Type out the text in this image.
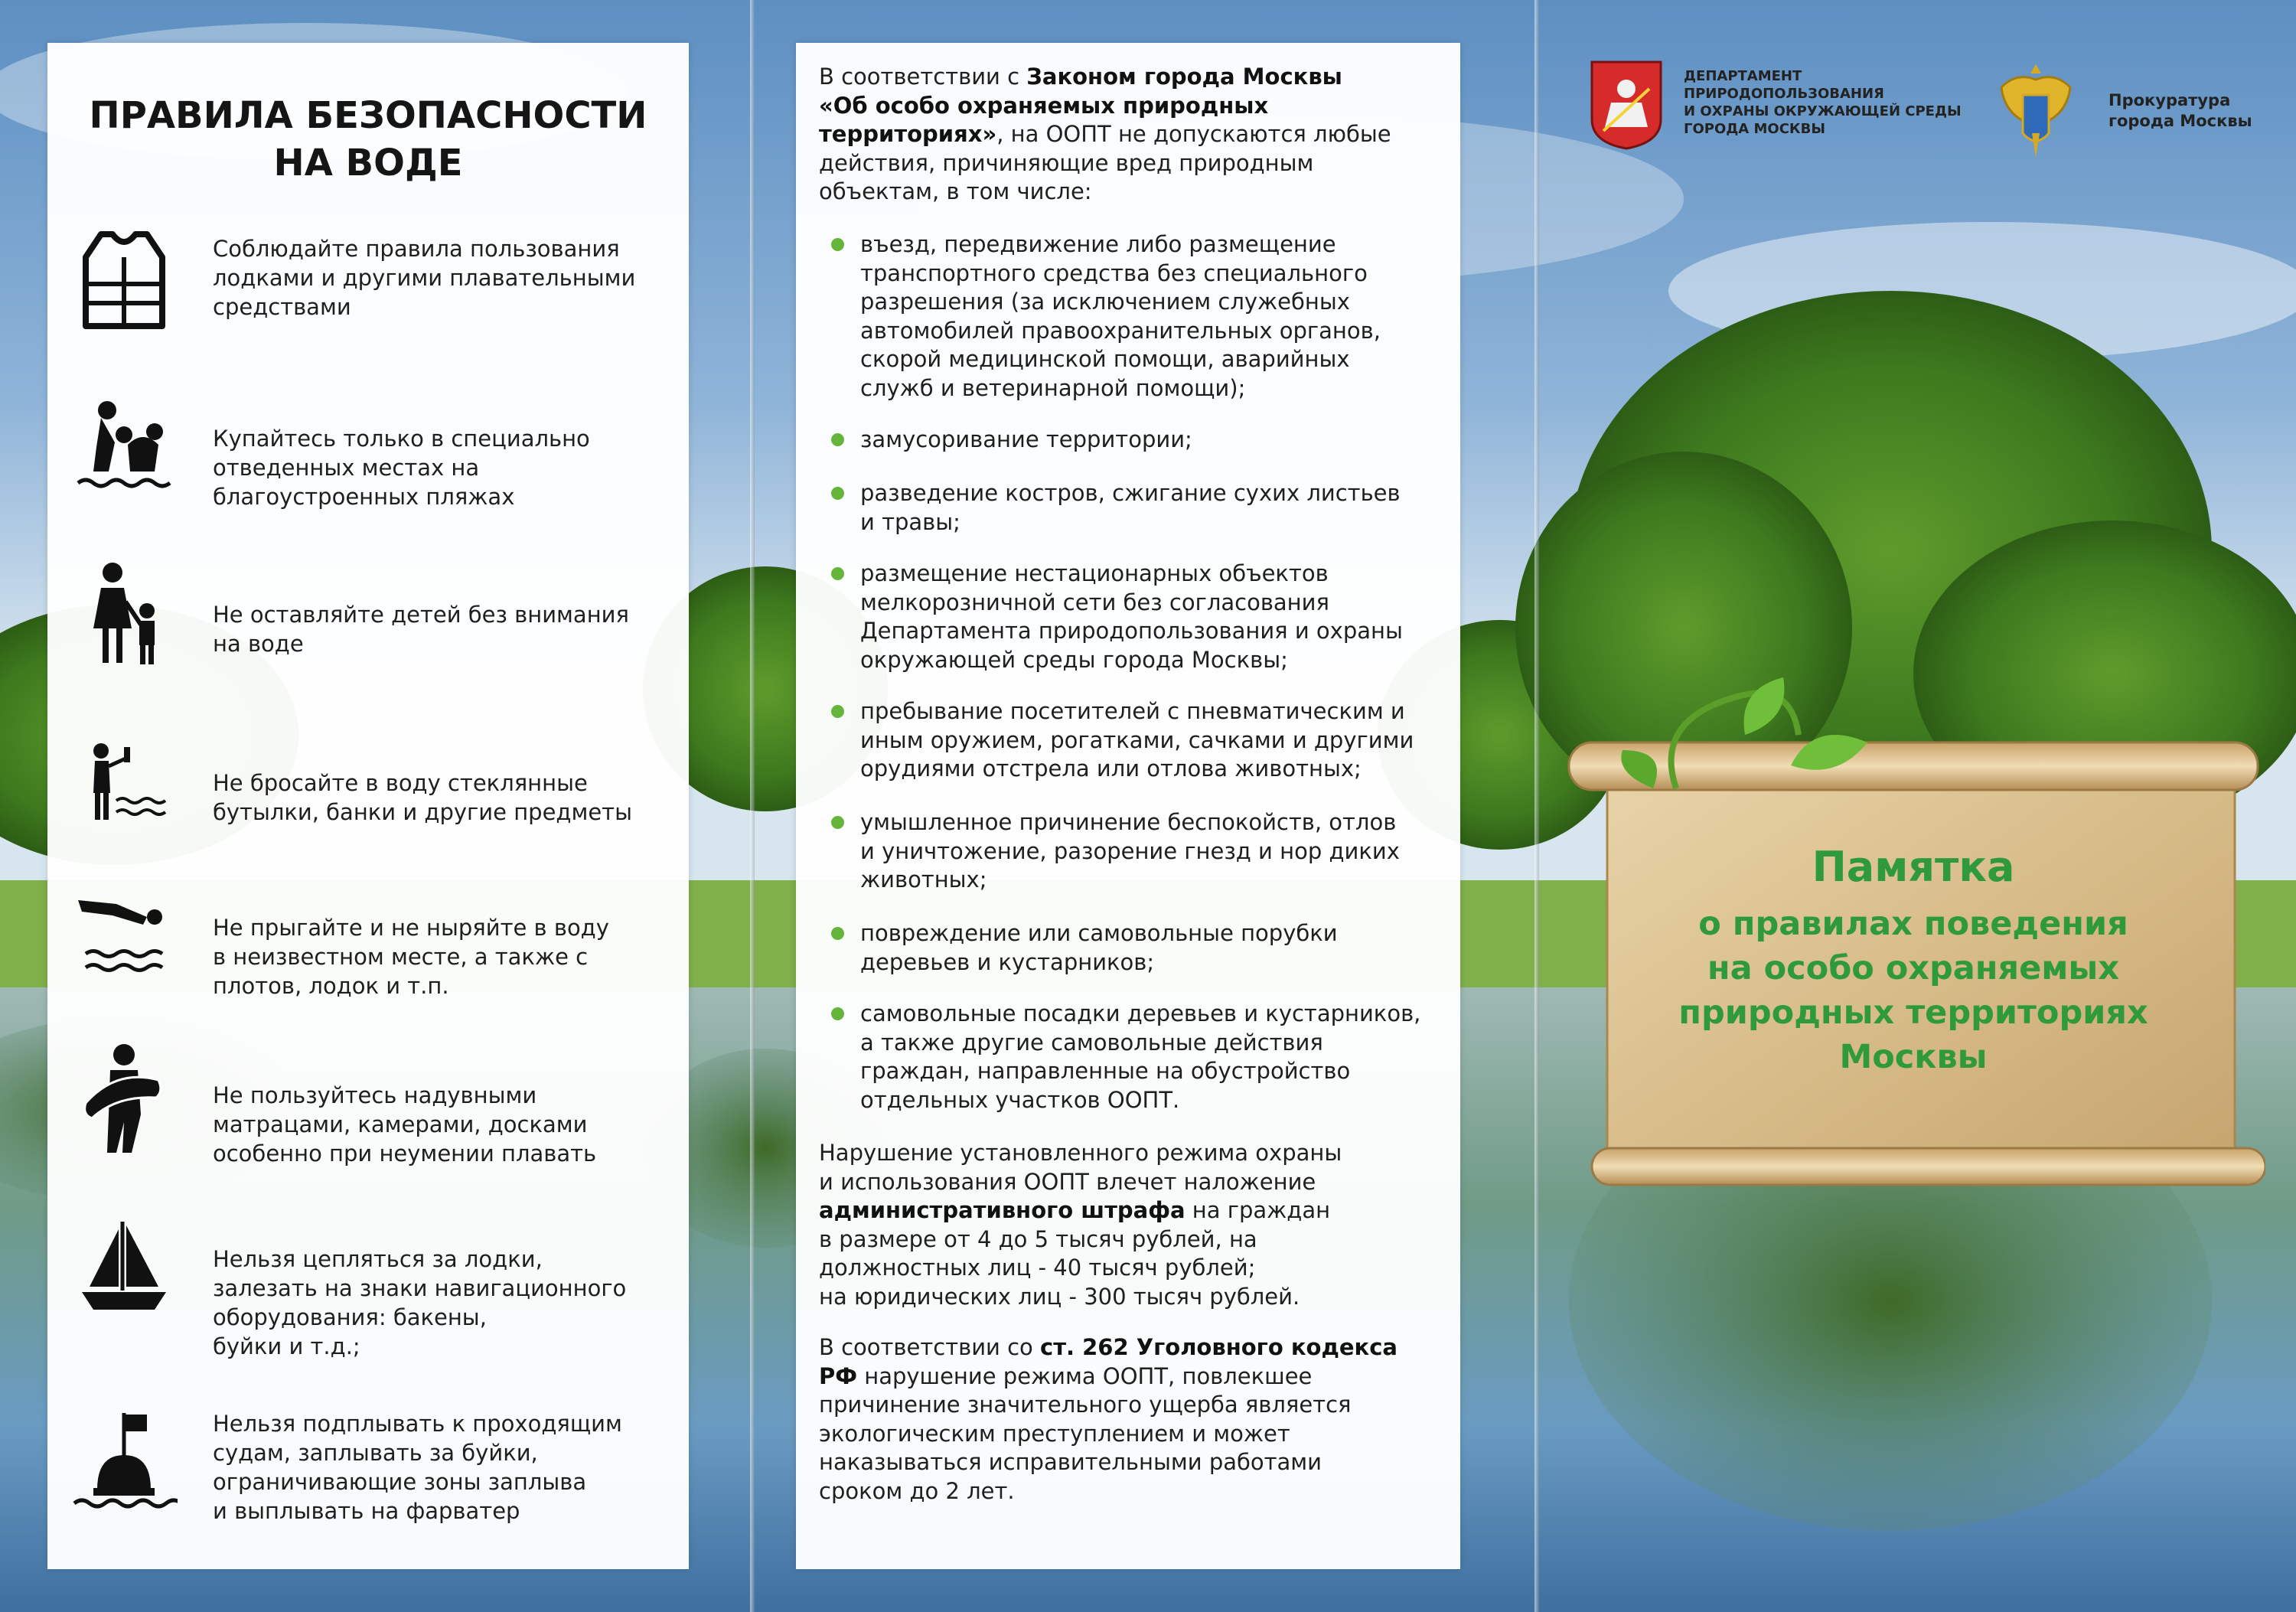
ПРАВИЛА БЕЗОПАСНОСТИ
НА ВОДЕ
Соблюдайте правила пользования
лодками и другими плавательными
средствами
Купайтесь только в специально
отведенных местах на
благоустроенных пляжах
Не оставляйте детей без внимания
на воде
Не бросайте в воду стеклянные
бутылки, банки и другие предметы
Не прыгайте и не ныряйте в воду
в неизвестном месте, а также с
плотов, лодок и т.п.
Не пользуйтесь надувными
матрацами, камерами, досками
особенно при неумении плавать
Нельзя цепляться за лодки,
залезать на знаки навигационного
оборудования: бакены,
буйки и т.д.;
Нельзя подплывать к проходящим
судам, заплывать за буйки,
ограничивающие зоны заплыва
и выплывать на фарватер
В соответствии с Законом города Москвы
«Об особо охраняемых природных
территориях», на ООПТ не допускаются любые
действия, причиняющие вред природным
объектам, в том числе:
въезд, передвижение либо размещение
транспортного средства без специального
разрешения (за исключением служебных
автомобилей правоохранительных органов,
скорой медицинской помощи, аварийных
служб и ветеринарной помощи);
замусоривание территории;
разведение костров, сжигание сухих листьев
и травы;
размещение нестационарных объектов
мелкорозничной сети без согласования
Департамента природопользования и охраны
окружающей среды города Москвы;
пребывание посетителей с пневматическим и
иным оружием, рогатками, сачками и другими
орудиями отстрела или отлова животных;
умышленное причинение беспокойств, отлов
и уничтожение, разорение гнезд и нор диких
животных;
повреждение или самовольные порубки
деревьев и кустарников;
самовольные посадки деревьев и кустарников,
а также другие самовольные действия
граждан, направленные на обустройство
отдельных участков ООПТ.
Нарушение установленного режима охраны
и использования ООПТ влечет наложение
административного штрафа на граждан
в размере от 4 до 5 тысяч рублей, на
должностных лиц - 40 тысяч рублей;
на юридических лиц - 300 тысяч рублей.
В соответствии со ст. 262 Уголовного кодекса
РФ нарушение режима ООПТ, повлекшее
причинение значительного ущерба является
экологическим преступлением и может
наказываться исправительными работами
сроком до 2 лет.
ДЕПАРТАМЕНТ
ПРИРОДОПОЛЬЗОВАНИЯ
И ОХРАНЫ ОКРУЖАЮЩЕЙ СРЕДЫ
ГОРОДА МОСКВЫ
Прокуратура
города Москвы
Памятка
о правилах поведения
на особо охраняемых
природных территориях
Москвы
